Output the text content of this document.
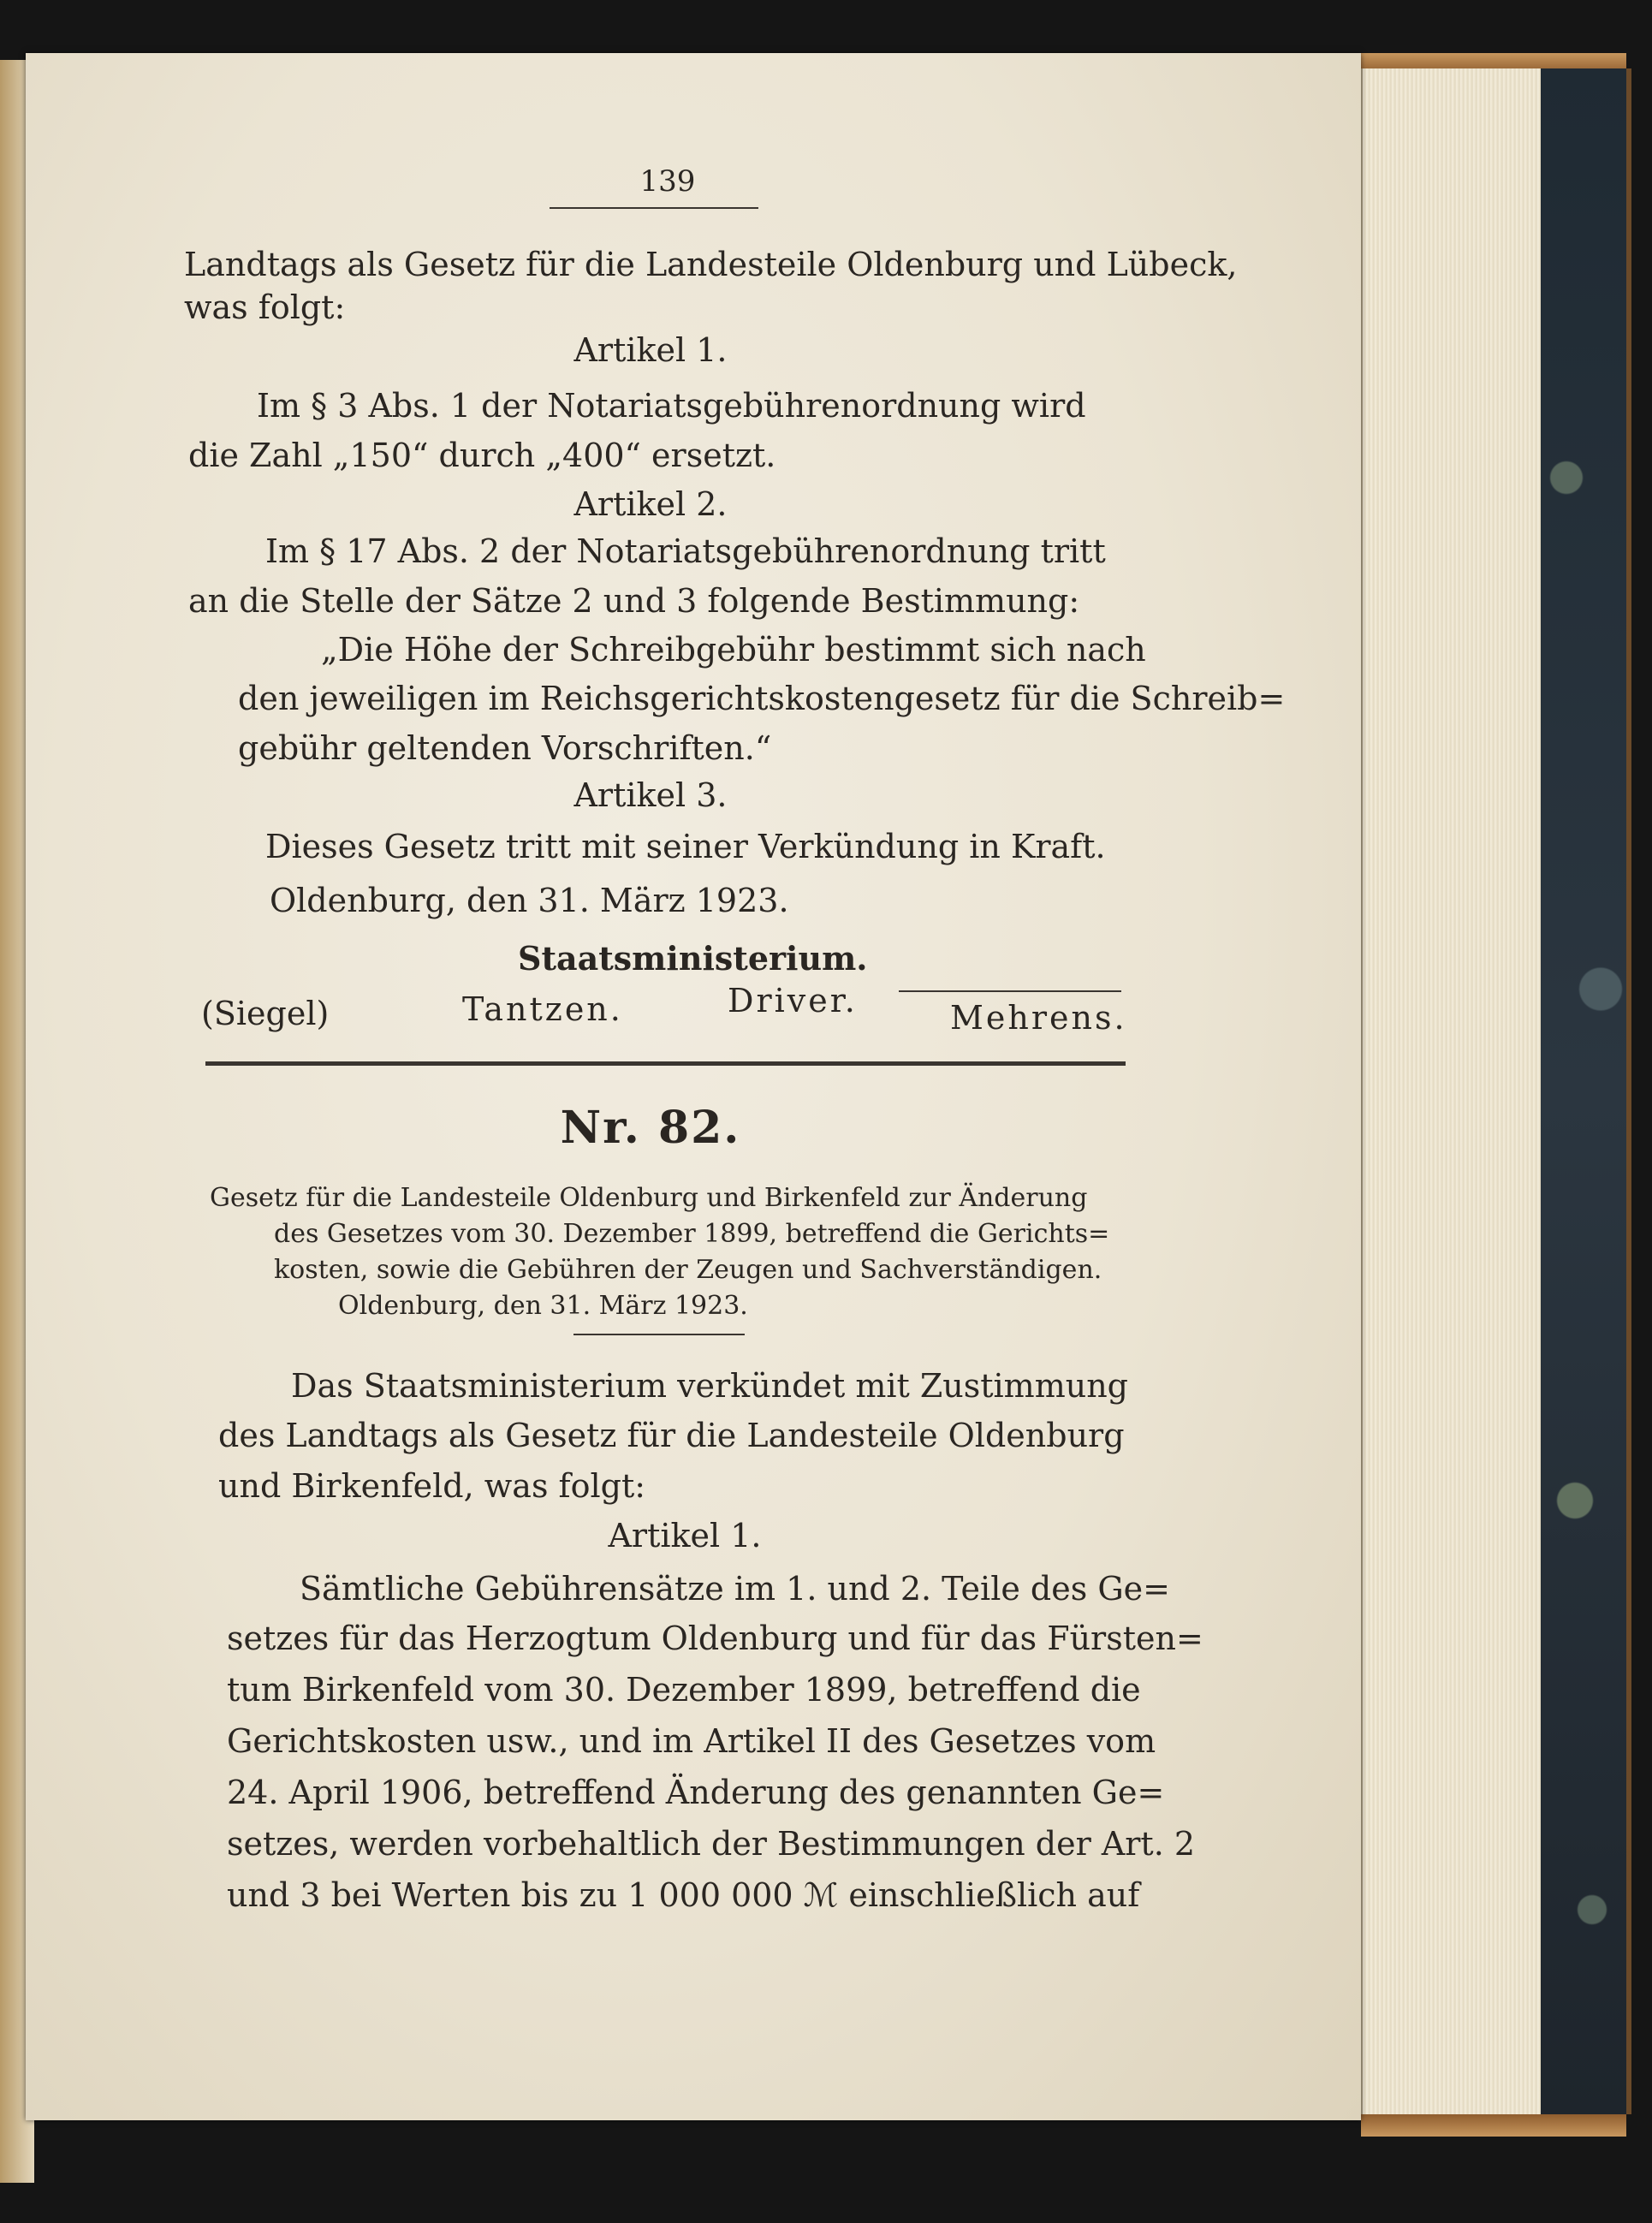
139
Landtags als Gesetz für die Landesteile Oldenburg und Lübeck,
was folgt:
Artikel 1.
Im § 3 Abs. 1 der Notariatsgebührenordnung wird
die Zahl „150“ durch „400“ ersetzt.
Artikel 2.
Im § 17 Abs. 2 der Notariatsgebührenordnung tritt
an die Stelle der Sätze 2 und 3 folgende Bestimmung:
„Die Höhe der Schreibgebühr bestimmt sich nach
den jeweiligen im Reichsgerichtskostengesetz für die Schreib=
gebühr geltenden Vorschriften.“
Artikel 3.
Dieses Gesetz tritt mit seiner Verkündung in Kraft.
Oldenburg, den 31. März 1923.
Staatsministerium.
(Siegel)	Tantzen.	Driver.	Mehrens.
Nr. 82.
Gesetz für die Landesteile Oldenburg und Birkenfeld zur Änderung
des Gesetzes vom 30. Dezember 1899, betreffend die Gerichts=
kosten, sowie die Gebühren der Zeugen und Sachverständigen.
Oldenburg, den 31. März 1923.
Das Staatsministerium verkündet mit Zustimmung
des Landtags als Gesetz für die Landesteile Oldenburg
und Birkenfeld, was folgt:
Artikel 1.
Sämtliche Gebührensätze im 1. und 2. Teile des Ge=
setzes für das Herzogtum Oldenburg und für das Fürsten=
tum Birkenfeld vom 30. Dezember 1899, betreffend die
Gerichtskosten usw., und im Artikel II des Gesetzes vom
24. April 1906, betreffend Änderung des genannten Ge=
setzes, werden vorbehaltlich der Bestimmungen der Art. 2
und 3 bei Werten bis zu 1 000 000 ℳ einschließlich auf
